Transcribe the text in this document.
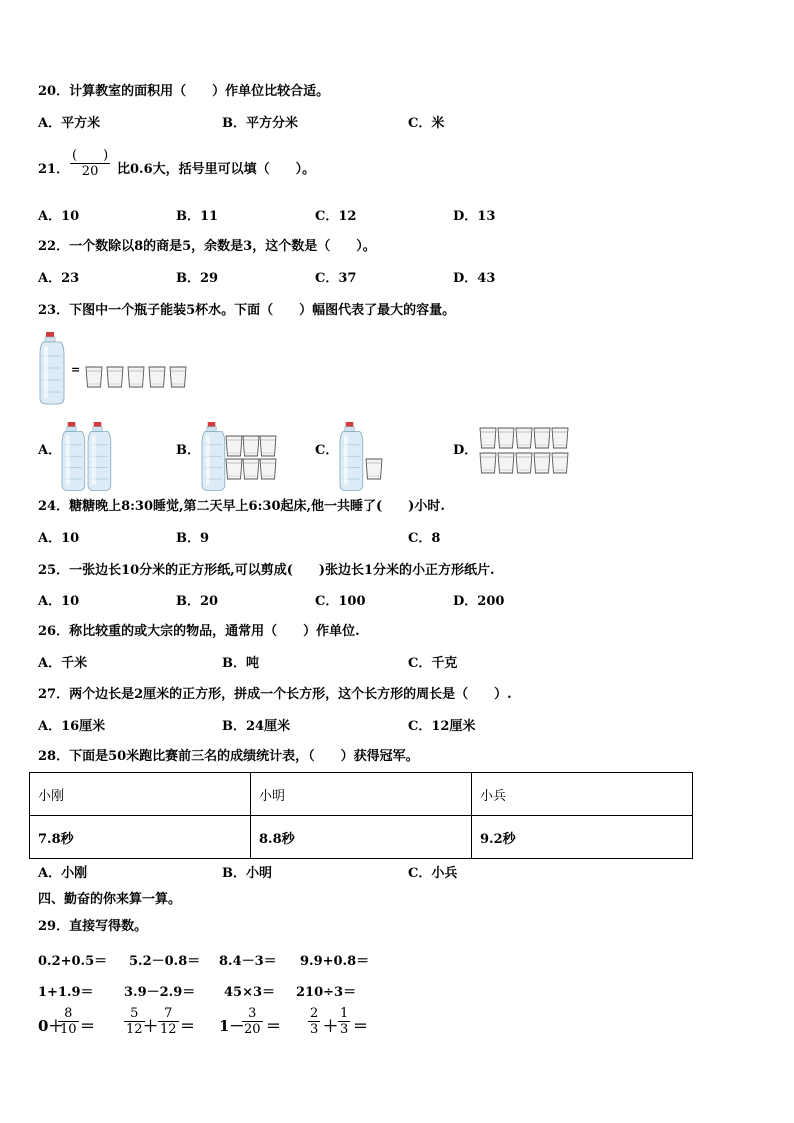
20．计算教室的面积用（　　）作单位比较合适。
A．平方米	B．平方分米	C．米
21．
(　　)
20 比0.6大，括号里可以填（　　）。
A．10	B．11	C．12	D．13
22．一个数除以8的商是5，余数是3，这个数是（　　）。
A．23	B．29	C．37	D．43
23．下图中一个瓶子能装5杯水。下面（　　）幅图代表了最大的容量。
=
A．	B．	C．	D．
24．糖糖晚上8:30睡觉,第二天早上6:30起床,他一共睡了(　　)小时.
A．10	B．9	C．8
25．一张边长10分米的正方形纸,可以剪成(　　)张边长1分米的小正方形纸片.
A．10	B．20	C．100	D．200
26．称比较重的或大宗的物品，通常用（　　）作单位.
A．千米	B．吨	C．千克
27．两个边长是2厘米的正方形，拼成一个长方形，这个长方形的周长是（　　）.
A．16厘米	B．24厘米	C．12厘米
28．下面是50米跑比赛前三名的成绩统计表，（　　）获得冠军。
小刚	小明	小兵
7.8秒	8.8秒	9.2秒
A．小刚	B．小明	C．小兵
四、勤奋的你来算一算。
29．直接写得数。
0.2+0.5＝ 5.2－0.8＝ 8.4－3＝ 9.9+0.8＝
1+1.9＝ 3.9－2.9＝ 45×3＝ 210÷3＝
0＋
8
10 ＝
5
12 ＋
7
12 ＝ 1－
3
20 ＝
2
3 ＋
1
3 ＝
